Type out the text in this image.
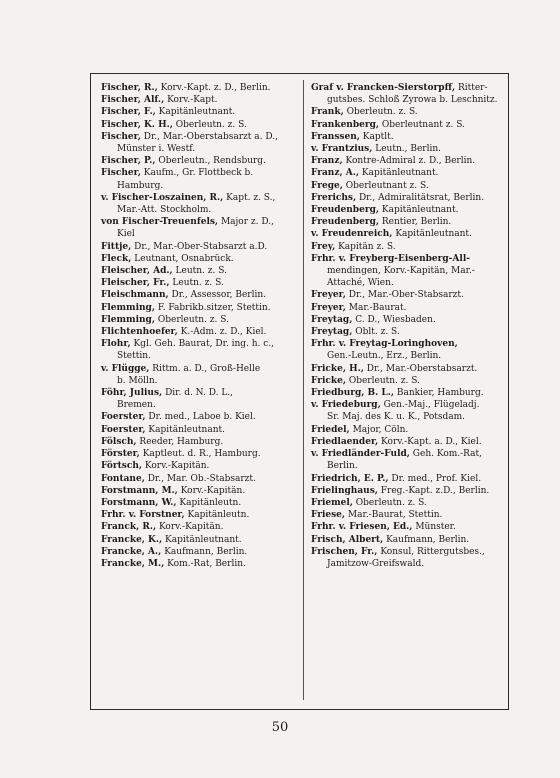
Fischer, R., Korv.-Kapt. z. D., Berlin.
Fischer, Alf., Korv.-Kapt.
Fischer, F., Kapitänleutnant.
Fischer, K. H., Oberleutn. z. S.
Fischer, Dr., Mar.-Oberstabsarzt a. D.,
Münster i. Westf.
Fischer, P., Oberleutn., Rendsburg.
Fischer, Kaufm., Gr. Flottbeck b.
Hamburg.
v. Fischer-Loszainen, R., Kapt. z. S.,
Mar.-Att. Stockholm.
von Fischer-Treuenfels, Major z. D.,
Kiel
Fittje, Dr., Mar.-Ober-Stabsarzt a.D.
Fleck, Leutnant, Osnabrück.
Fleischer, Ad., Leutn. z. S.
Fleischer, Fr., Leutn. z. S.
Fleischmann, Dr., Assessor, Berlin.
Flemming, F. Fabrikb.sitzer, Stettin.
Flemming, Oberleutn. z. S.
Flichtenhoefer, K.-Adm. z. D., Kiel.
Flohr, Kgl. Geh. Baurat, Dr. ing. h. c.,
Stettin.
v. Flügge, Rittm. a. D., Groß-Helle
b. Mölln.
Föhr, Julius, Dir. d. N. D. L.,
Bremen.
Foerster, Dr. med., Laboe b. Kiel.
Foerster, Kapitänleutnant.
Fölsch, Reeder, Hamburg.
Förster, Kaptleut. d. R., Hamburg.
Förtsch, Korv.-Kapitän.
Fontane, Dr., Mar. Ob.-Stabsarzt.
Forstmann, M., Korv.-Kapitän.
Forstmann, W., Kapitänleutn.
Frhr. v. Forstner, Kapitänleutn.
Franck, R., Korv.-Kapitän.
Francke, K., Kapitänleutnant.
Francke, A., Kaufmann, Berlin.
Francke, M., Kom.-Rat, Berlin.
Graf v. Francken-Sierstorpff, Ritter-
gutsbes. Schloß Zyrowa b. Leschnitz.
Frank, Oberleutn. z. S.
Frankenberg, Oberleutnant z. S.
Franssen, Kaptlt.
v. Frantzius, Leutn., Berlin.
Franz, Kontre-Admiral z. D., Berlin.
Franz, A., Kapitänleutnant.
Frege, Oberleutnant z. S.
Frerichs, Dr., Admiralitätsrat, Berlin.
Freudenberg, Kapitänleutnant.
Freudenberg, Rentier, Berlin.
v. Freudenreich, Kapitänleutnant.
Frey, Kapitän z. S.
Frhr. v. Freyberg-Eisenberg-All-
mendingen, Korv.-Kapitän, Mar.-Attaché, Wien.
Freyer, Dr., Mar.-Ober-Stabsarzt.
Freyer, Mar.-Baurat.
Freytag, C. D., Wiesbaden.
Freytag, Oblt. z. S.
Frhr. v. Freytag-Loringhoven,
Gen.-Leutn., Erz., Berlin.
Fricke, H., Dr., Mar.-Oberstabsarzt.
Fricke, Oberleutn. z. S.
Friedburg, B. L., Bankier, Hamburg.
v. Friedeburg, Gen.-Maj., Flügeladj.
Sr. Maj. des K. u. K., Potsdam.
Friedel, Major, Cöln.
Friedlaender, Korv.-Kapt. a. D., Kiel.
v. Friedländer-Fuld, Geh. Kom.-Rat,
Berlin.
Friedrich, E. P., Dr. med., Prof. Kiel.
Frielinghaus, Freg.-Kapt. z.D., Berlin.
Friemel, Oberleutn. z. S.
Friese, Mar.-Baurat, Stettin.
Frhr. v. Friesen, Ed., Münster.
Frisch, Albert, Kaufmann, Berlin.
Frischen, Fr., Konsul, Rittergutsbes.,
Jamitzow-Greifswald.
50
